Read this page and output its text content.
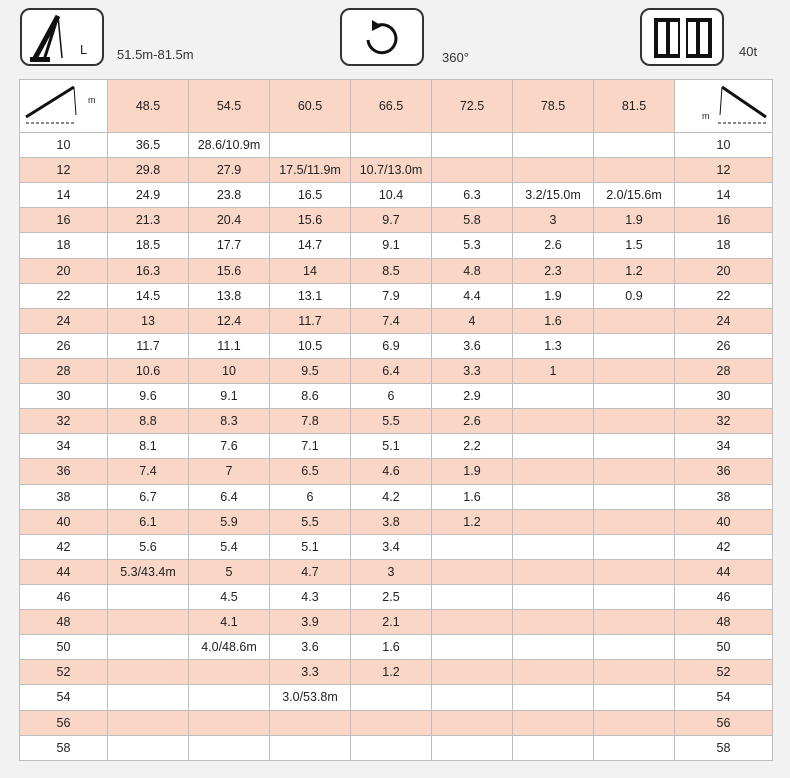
L 51.5m-81.5m	360°	40t
m	48.5	54.5	60.5	66.5	72.5	78.5	81.5	m

10	36.5	28.6/10.9m						10
12	29.8	27.9	17.5/11.9m	10.7/13.0m				12
14	24.9	23.8	16.5	10.4	6.3	3.2/15.0m	2.0/15.6m	14
16	21.3	20.4	15.6	9.7	5.8	3	1.9	16
18	18.5	17.7	14.7	9.1	5.3	2.6	1.5	18
20	16.3	15.6	14	8.5	4.8	2.3	1.2	20
22	14.5	13.8	13.1	7.9	4.4	1.9	0.9	22
24	13	12.4	11.7	7.4	4	1.6		24
26	11.7	11.1	10.5	6.9	3.6	1.3		26
28	10.6	10	9.5	6.4	3.3	1		28
30	9.6	9.1	8.6	6	2.9			30
32	8.8	8.3	7.8	5.5	2.6			32
34	8.1	7.6	7.1	5.1	2.2			34
36	7.4	7	6.5	4.6	1.9			36
38	6.7	6.4	6	4.2	1.6			38
40	6.1	5.9	5.5	3.8	1.2			40
42	5.6	5.4	5.1	3.4				42
44	5.3/43.4m	5	4.7	3				44
46		4.5	4.3	2.5				46
48		4.1	3.9	2.1				48
50		4.0/48.6m	3.6	1.6				50
52			3.3	1.2				52
54			3.0/53.8m					54
56								56
58								58
